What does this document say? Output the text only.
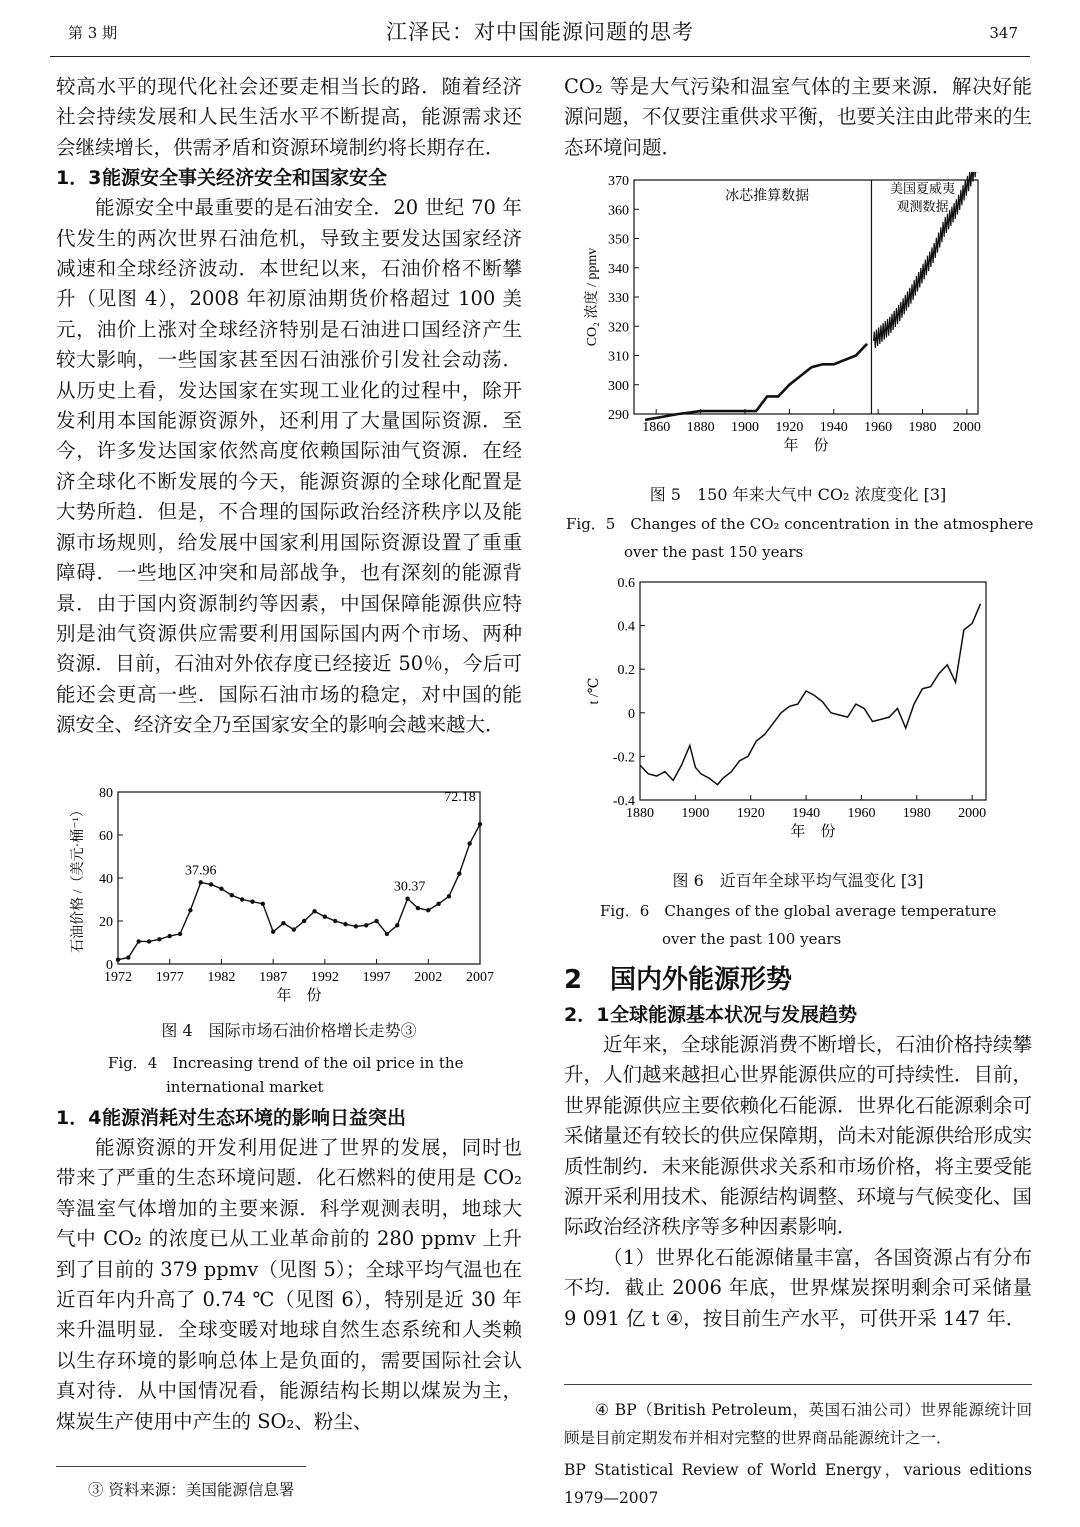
第 3 期	江泽民：对中国能源问题的思考	347

较高水平的现代化社会还要走相当长的路．随着经济社会持续发展和人民生活水平不断提高，能源需求还会继续增长，供需矛盾和资源环境制约将长期存在．

1．3能源安全事关经济安全和国家安全

能源安全中最重要的是石油安全．20 世纪 70 年代发生的两次世界石油危机，导致主要发达国家经济减速和全球经济波动．本世纪以来，石油价格不断攀升（见图 4），2008 年初原油期货价格超过 100 美元，油价上涨对全球经济特别是石油进口国经济产生较大影响，一些国家甚至因石油涨价引发社会动荡．从历史上看，发达国家在实现工业化的过程中，除开发利用本国能源资源外，还利用了大量国际资源．至今，许多发达国家依然高度依赖国际油气资源．在经济全球化不断发展的今天，能源资源的全球化配置是大势所趋．但是，不合理的国际政治经济秩序以及能源市场规则，给发展中国家利用国际资源设置了重重障碍．一些地区冲突和局部战争，也有深刻的能源背景．由于国内资源制约等因素，中国保障能源供应特别是油气资源供应需要利用国际国内两个市场、两种资源．目前，石油对外依存度已经接近 50％，今后可能还会更高一些．国际石油市场的稳定，对中国的能源安全、经济安全乃至国家安全的影响会越来越大．

1972 1977 1982 1987 1992 1997 2002 2007
0
20
40
60
80
年　份
石油价格 /（美元·桶⁻¹）	37.96
30.37
72.18
图 4　国际市场石油价格增长走势③
Fig．4　Increasing trend of the oil price in the
international market

1．4能源消耗对生态环境的影响日益突出

能源资源的开发利用促进了世界的发展，同时也带来了严重的生态环境问题．化石燃料的使用是 CO₂ 等温室气体增加的主要来源．科学观测表明，地球大气中 CO₂ 的浓度已从工业革命前的 280 ppmv 上升到了目前的 379 ppmv（见图 5）；全球平均气温也在近百年内升高了 0.74 ℃（见图 6），特别是近 30 年来升温明显．全球变暖对地球自然生态系统和人类赖以生存环境的影响总体上是负面的，需要国际社会认真对待．从中国情况看，能源结构长期以煤炭为主，煤炭生产使用中产生的 SO₂、粉尘、

③ 资料来源：美国能源信息署

CO₂ 等是大气污染和温室气体的主要来源．解决好能源问题，不仅要注重供求平衡，也要关注由此带来的生态环境问题．

1860 1880 1900 1920 1940 1960 1980 2000
290
300
310
320
330
340
350
360
370
年　份
CO₂ 浓度 / ppmv
冰芯推算数据
美国夏威夷观测数据
图 5　150 年来大气中 CO₂ 浓度变化 [3]
Fig．5　Changes of the CO₂ concentration in the atmosphere
over the past 150 years
1880 1900 1920 1940 1960 1980 2000
-0.4
-0.2
0
0.2
0.4
0.6
年　份
t /℃
图 6　近百年全球平均气温变化 [3]
Fig．6　Changes of the global average temperature
over the past 100 years

2 国内外能源形势

2．1全球能源基本状况与发展趋势

近年来，全球能源消费不断增长，石油价格持续攀升，人们越来越担心世界能源供应的可持续性．目前，世界能源供应主要依赖化石能源．世界化石能源剩余可采储量还有较长的供应保障期，尚未对能源供给形成实质性制约．未来能源供求关系和市场价格，将主要受能源开采利用技术、能源结构调整、环境与气候变化、国际政治经济秩序等多种因素影响．

（1）世界化石能源储量丰富，各国资源占有分布不均．截止 2006 年底，世界煤炭探明剩余可采储量 9 091 亿 t ④，按目前生产水平，可供开采 147 年．

④ BP（British Petroleum，英国石油公司）世界能源统计回顾是目前定期发布并相对完整的世界商品能源统计之一．
BP Statistical Review of World Energy，various editions 1979—2007
